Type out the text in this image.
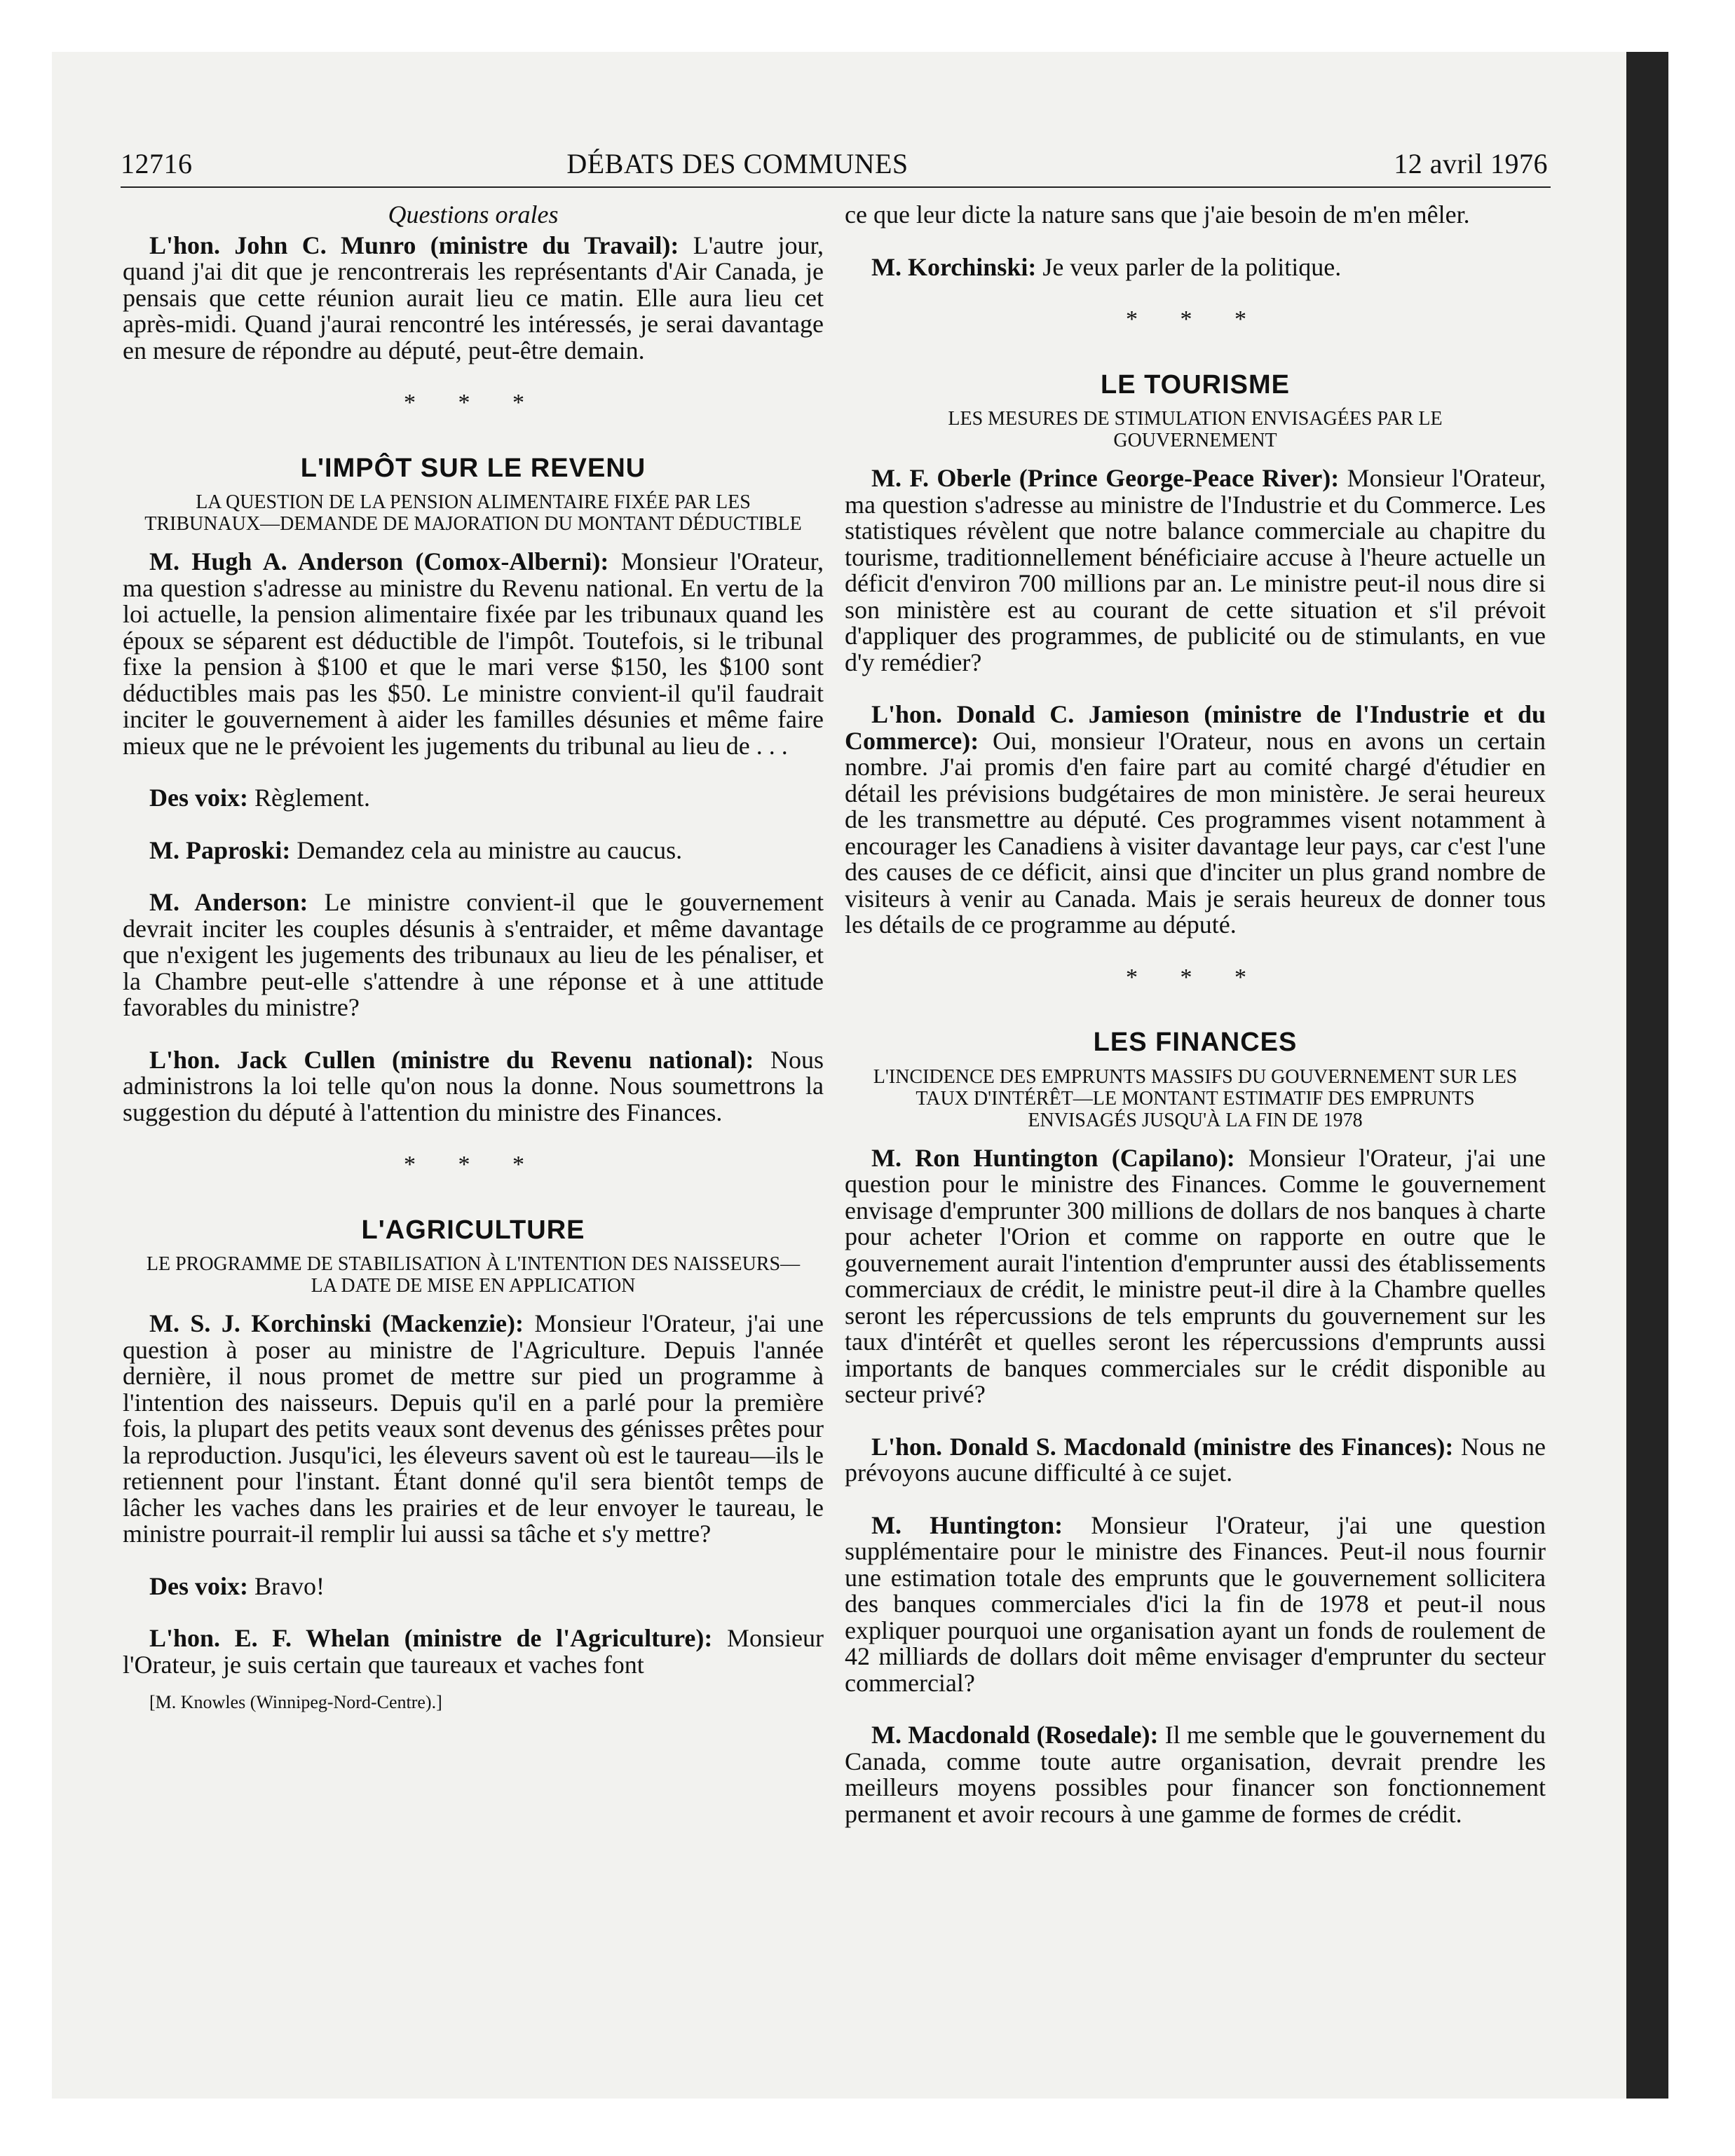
12716	DÉBATS DES COMMUNES	12 avril 1976
Questions orales

L'hon. John C. Munro (ministre du Travail): L'autre jour, quand j'ai dit que je rencontrerais les représentants d'Air Canada, je pensais que cette réunion aurait lieu ce matin. Elle aura lieu cet après-midi. Quand j'aurai rencontré les intéressés, je serai davantage en mesure de répondre au député, peut-être demain.

* * *
L'IMPÔT SUR LE REVENU
LA QUESTION DE LA PENSION ALIMENTAIRE FIXÉE PAR LES TRIBUNAUX—DEMANDE DE MAJORATION DU MONTANT DÉDUCTIBLE

M. Hugh A. Anderson (Comox-Alberni): Monsieur l'Orateur, ma question s'adresse au ministre du Revenu national. En vertu de la loi actuelle, la pension alimentaire fixée par les tribunaux quand les époux se séparent est déductible de l'impôt. Toutefois, si le tribunal fixe la pension à $100 et que le mari verse $150, les $100 sont déductibles mais pas les $50. Le ministre convient-il qu'il faudrait inciter le gouvernement à aider les familles désunies et même faire mieux que ne le prévoient les jugements du tribunal au lieu de . . .

Des voix: Règlement.

M. Paproski: Demandez cela au ministre au caucus.

M. Anderson: Le ministre convient-il que le gouvernement devrait inciter les couples désunis à s'entraider, et même davantage que n'exigent les jugements des tribunaux au lieu de les pénaliser, et la Chambre peut-elle s'attendre à une réponse et à une attitude favorables du ministre?

L'hon. Jack Cullen (ministre du Revenu national): Nous administrons la loi telle qu'on nous la donne. Nous soumettrons la suggestion du député à l'attention du ministre des Finances.

* * *
L'AGRICULTURE
LE PROGRAMME DE STABILISATION À L'INTENTION DES NAISSEURS—LA DATE DE MISE EN APPLICATION

M. S. J. Korchinski (Mackenzie): Monsieur l'Orateur, j'ai une question à poser au ministre de l'Agriculture. Depuis l'année dernière, il nous promet de mettre sur pied un programme à l'intention des naisseurs. Depuis qu'il en a parlé pour la première fois, la plupart des petits veaux sont devenus des génisses prêtes pour la reproduction. Jusqu'ici, les éleveurs savent où est le taureau—ils le retiennent pour l'instant. Étant donné qu'il sera bientôt temps de lâcher les vaches dans les prairies et de leur envoyer le taureau, le ministre pourrait-il remplir lui aussi sa tâche et s'y mettre?

Des voix: Bravo!

L'hon. E. F. Whelan (ministre de l'Agriculture): Monsieur l'Orateur, je suis certain que taureaux et vaches font

[M. Knowles (Winnipeg-Nord-Centre).]

ce que leur dicte la nature sans que j'aie besoin de m'en mêler.

M. Korchinski: Je veux parler de la politique.

* * *
LE TOURISME
LES MESURES DE STIMULATION ENVISAGÉES PAR LE GOUVERNEMENT

M. F. Oberle (Prince George-Peace River): Monsieur l'Orateur, ma question s'adresse au ministre de l'Industrie et du Commerce. Les statistiques révèlent que notre balance commerciale au chapitre du tourisme, traditionnellement bénéficiaire accuse à l'heure actuelle un déficit d'environ 700 millions par an. Le ministre peut-il nous dire si son ministère est au courant de cette situation et s'il prévoit d'appliquer des programmes, de publicité ou de stimulants, en vue d'y remédier?

L'hon. Donald C. Jamieson (ministre de l'Industrie et du Commerce): Oui, monsieur l'Orateur, nous en avons un certain nombre. J'ai promis d'en faire part au comité chargé d'étudier en détail les prévisions budgétaires de mon ministère. Je serai heureux de les transmettre au député. Ces programmes visent notamment à encourager les Canadiens à visiter davantage leur pays, car c'est l'une des causes de ce déficit, ainsi que d'inciter un plus grand nombre de visiteurs à venir au Canada. Mais je serais heureux de donner tous les détails de ce programme au député.

* * *
LES FINANCES
L'INCIDENCE DES EMPRUNTS MASSIFS DU GOUVERNEMENT SUR LES TAUX D'INTÉRÊT—LE MONTANT ESTIMATIF DES EMPRUNTS ENVISAGÉS JUSQU'À LA FIN DE 1978

M. Ron Huntington (Capilano): Monsieur l'Orateur, j'ai une question pour le ministre des Finances. Comme le gouvernement envisage d'emprunter 300 millions de dollars de nos banques à charte pour acheter l'Orion et comme on rapporte en outre que le gouvernement aurait l'intention d'emprunter aussi des établissements commerciaux de crédit, le ministre peut-il dire à la Chambre quelles seront les répercussions de tels emprunts du gouvernement sur les taux d'intérêt et quelles seront les répercussions d'emprunts aussi importants de banques commerciales sur le crédit disponible au secteur privé?

L'hon. Donald S. Macdonald (ministre des Finances): Nous ne prévoyons aucune difficulté à ce sujet.

M. Huntington: Monsieur l'Orateur, j'ai une question supplémentaire pour le ministre des Finances. Peut-il nous fournir une estimation totale des emprunts que le gouvernement sollicitera des banques commerciales d'ici la fin de 1978 et peut-il nous expliquer pourquoi une organisation ayant un fonds de roulement de 42 milliards de dollars doit même envisager d'emprunter du secteur commercial?

M. Macdonald (Rosedale): Il me semble que le gouvernement du Canada, comme toute autre organisation, devrait prendre les meilleurs moyens possibles pour financer son fonctionnement permanent et avoir recours à une gamme de formes de crédit.
